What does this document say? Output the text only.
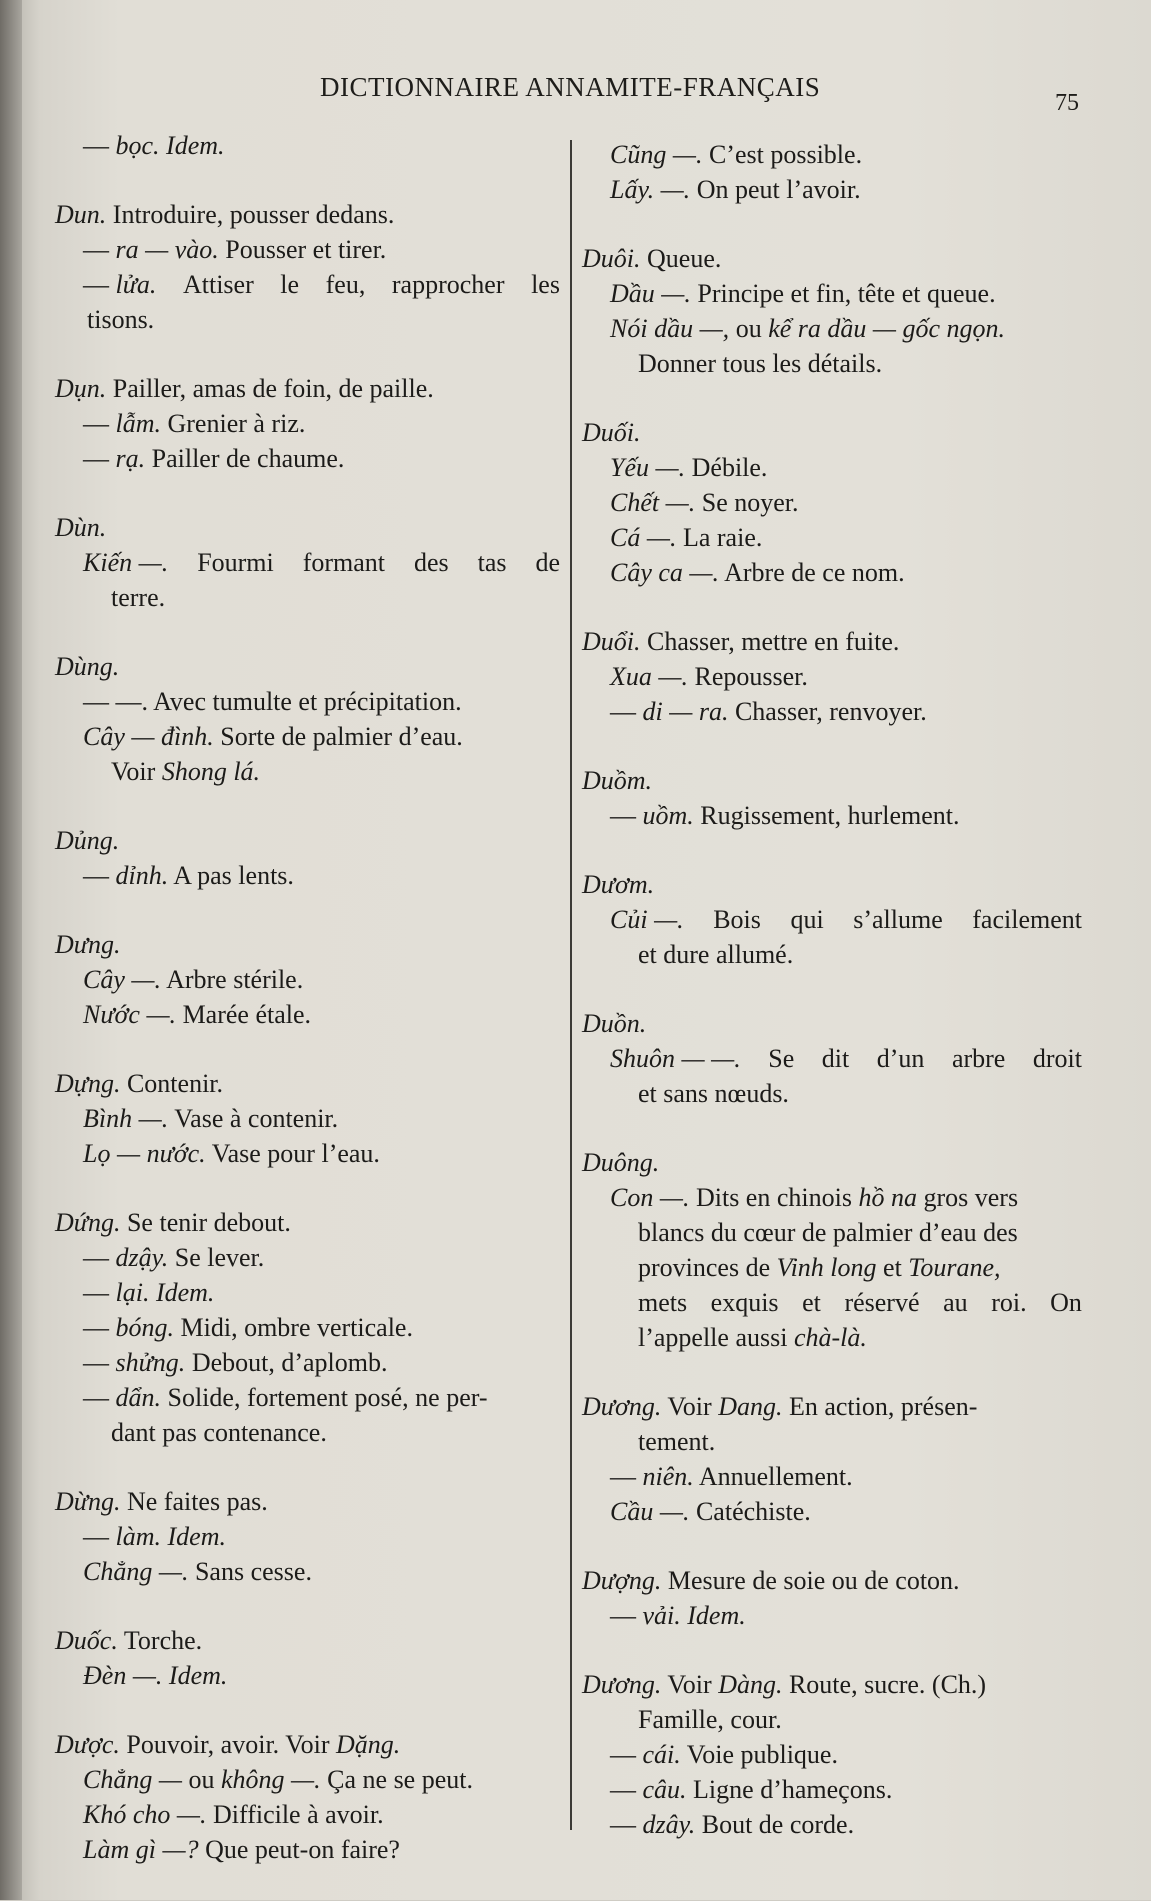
DICTIONNAIRE ANNAMITE-FRANÇAIS
75
— bọc. Idem.
Dun. Introduire, pousser dedans.
— ra — vào. Pousser et tirer.
— lửa. Attiser le feu, rapprocher les
tisons.
Dụn. Pailler, amas de foin, de paille.
— lẫm. Grenier à riz.
— rạ. Pailler de chaume.
Dùn.
Kiến —. Fourmi formant des tas de
terre.
Dùng.
— —. Avec tumulte et précipitation.
Cây — đình. Sorte de palmier d’eau.
Voir Shong lá.
Dủng.
— dỉnh. A pas lents.
Dưng.
Cây —. Arbre stérile.
Nước —. Marée étale.
Dựng. Contenir.
Bình —. Vase à contenir.
Lọ — nước. Vase pour l’eau.
Dứng. Se tenir debout.
— dzậy. Se lever.
— lại. Idem.
— bóng. Midi, ombre verticale.
— shửng. Debout, d’aplomb.
— dẩn. Solide, fortement posé, ne per-
dant pas contenance.
Dừng. Ne faites pas.
— làm. Idem.
Chẳng —. Sans cesse.
Duốc. Torche.
Đèn —. Idem.
Dược. Pouvoir, avoir. Voir Dặng.
Chẳng — ou không —. Ça ne se peut.
Khó cho —. Difficile à avoir.
Làm gì —? Que peut-on faire?
Cũng —. C’est possible.
Lấy. —. On peut l’avoir.
Duôi. Queue.
Dầu —. Principe et fin, tête et queue.
Nói dầu —, ou kể ra dầu — gốc ngọn.
Donner tous les détails.
Duối.
Yếu —. Débile.
Chết —. Se noyer.
Cá —. La raie.
Cây ca —. Arbre de ce nom.
Duổi. Chasser, mettre en fuite.
Xua —. Repousser.
— di — ra. Chasser, renvoyer.
Duồm.
— uồm. Rugissement, hurlement.
Dươm.
Củi —. Bois qui s’allume facilement
et dure allumé.
Duồn.
Shuôn — —. Se dit d’un arbre droit
et sans nœuds.
Duông.
Con —. Dits en chinois hồ na gros vers
blancs du cœur de palmier d’eau des
provinces de Vinh long et Tourane,
mets exquis et réservé au roi. On
l’appelle aussi chà-là.
Dương. Voir Dang. En action, présen-
tement.
— niên. Annuellement.
Cầu —. Catéchiste.
Dượng. Mesure de soie ou de coton.
— vải. Idem.
Dương. Voir Dàng. Route, sucre. (Ch.)
Famille, cour.
— cái. Voie publique.
— câu. Ligne d’hameçons.
— dzây. Bout de corde.
